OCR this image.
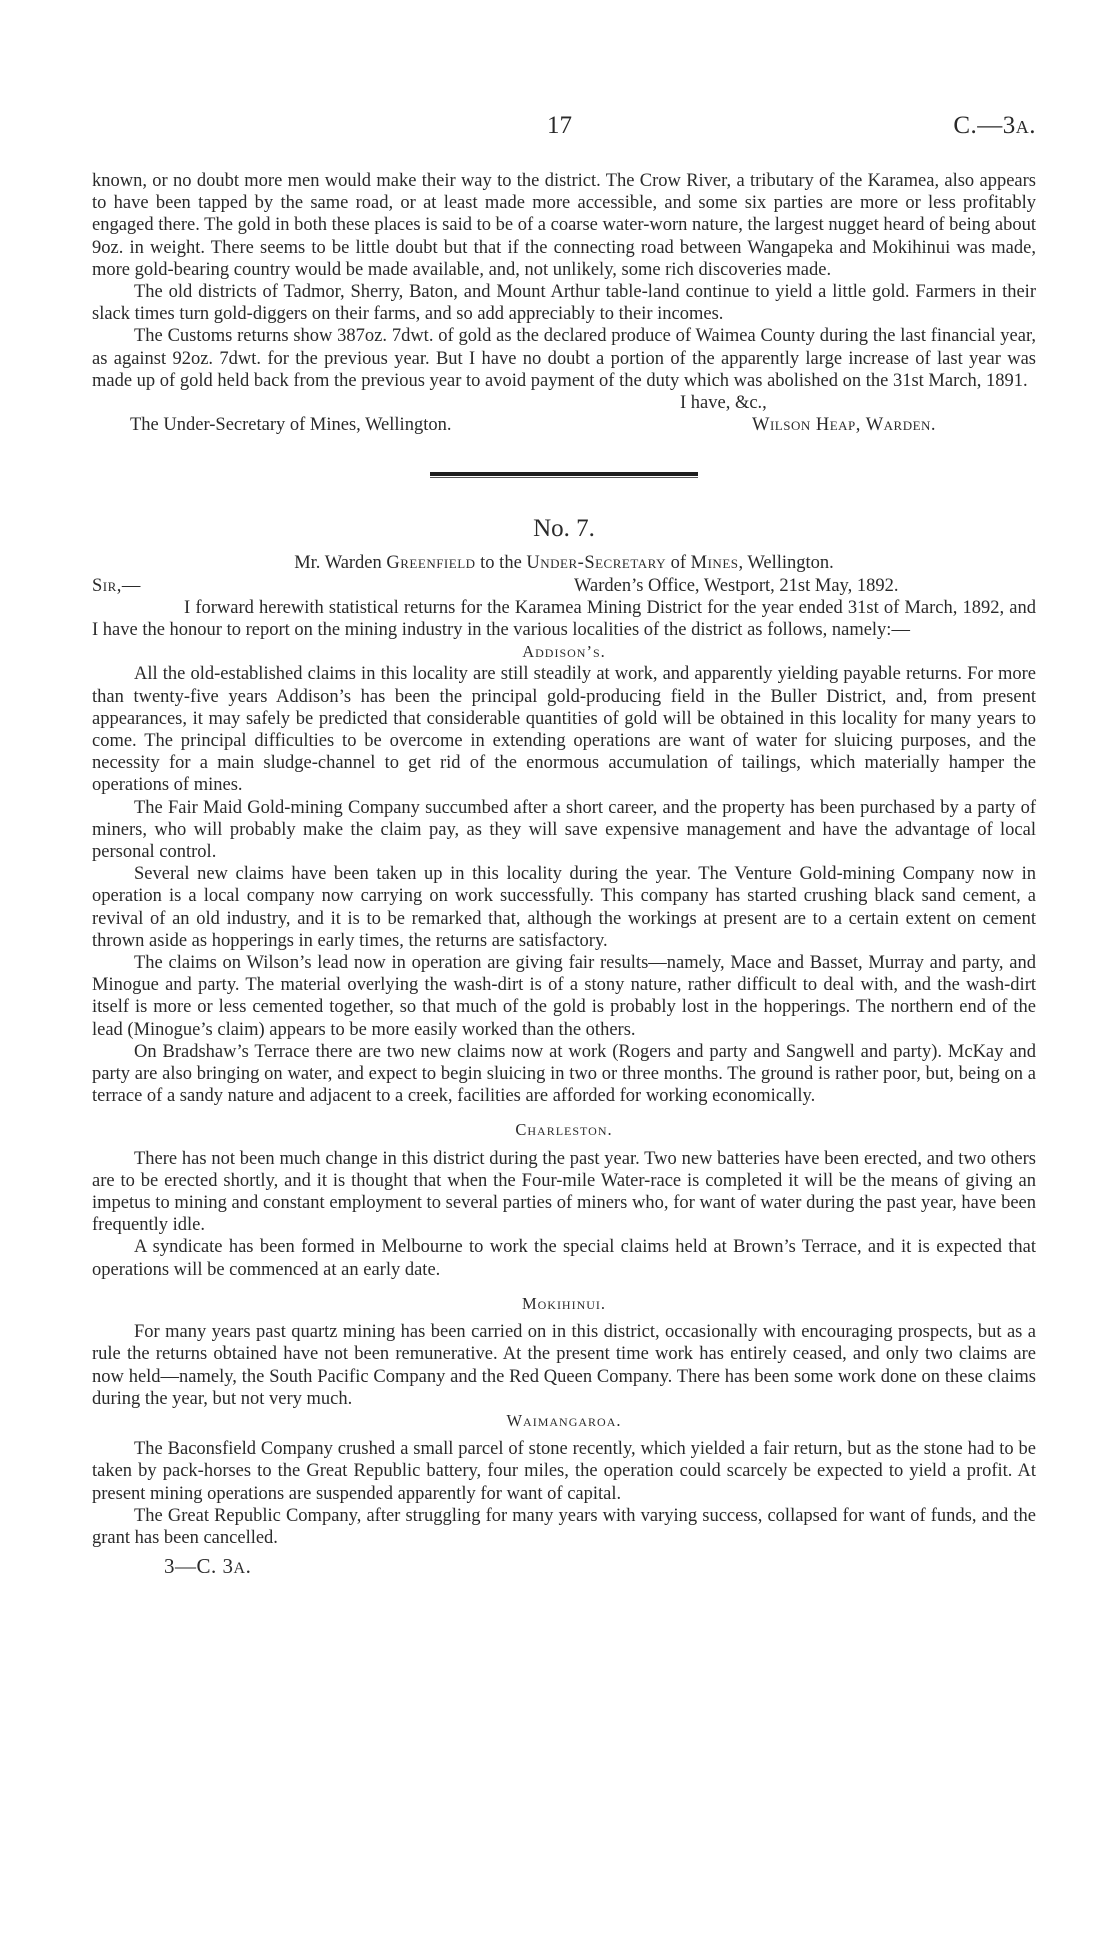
17	C.—3A.

known, or no doubt more men would make their way to the district. The Crow River, a tributary of the Karamea, also appears to have been tapped by the same road, or at least made more accessible, and some six parties are more or less profitably engaged there. The gold in both these places is said to be of a coarse water-worn nature, the largest nugget heard of being about 9oz. in weight. There seems to be little doubt but that if the connecting road between Wangapeka and Mokihinui was made, more gold-bearing country would be made available, and, not unlikely, some rich discoveries made.

The old districts of Tadmor, Sherry, Baton, and Mount Arthur table-land continue to yield a little gold. Farmers in their slack times turn gold-diggers on their farms, and so add appreciably to their incomes.

The Customs returns show 387oz. 7dwt. of gold as the declared produce of Waimea County during the last financial year, as against 92oz. 7dwt. for the previous year. But I have no doubt a portion of the apparently large increase of last year was made up of gold held back from the previous year to avoid payment of the duty which was abolished on the 31st March, 1891.

I have, &c.,
The Under-Secretary of Mines, Wellington.	Wilson Heap, Warden.
No. 7.
Mr. Warden Greenfield to the Under-Secretary of Mines, Wellington.
Sir,—	Warden’s Office, Westport, 21st May, 1892.

I forward herewith statistical returns for the Karamea Mining District for the year ended 31st of March, 1892, and I have the honour to report on the mining industry in the various localities of the district as follows, namely:—

Addison’s.

All the old-established claims in this locality are still steadily at work, and apparently yielding payable returns. For more than twenty-five years Addison’s has been the principal gold-producing field in the Buller District, and, from present appearances, it may safely be predicted that considerable quantities of gold will be obtained in this locality for many years to come. The principal difficulties to be overcome in extending operations are want of water for sluicing purposes, and the necessity for a main sludge-channel to get rid of the enormous accumulation of tailings, which materially hamper the operations of mines.

The Fair Maid Gold-mining Company succumbed after a short career, and the property has been purchased by a party of miners, who will probably make the claim pay, as they will save expensive management and have the advantage of local personal control.

Several new claims have been taken up in this locality during the year. The Venture Gold-mining Company now in operation is a local company now carrying on work successfully. This company has started crushing black sand cement, a revival of an old industry, and it is to be remarked that, although the workings at present are to a certain extent on cement thrown aside as hopperings in early times, the returns are satisfactory.

The claims on Wilson’s lead now in operation are giving fair results—namely, Mace and Basset, Murray and party, and Minogue and party. The material overlying the wash-dirt is of a stony nature, rather difficult to deal with, and the wash-dirt itself is more or less cemented together, so that much of the gold is probably lost in the hopperings. The northern end of the lead (Minogue’s claim) appears to be more easily worked than the others.

On Bradshaw’s Terrace there are two new claims now at work (Rogers and party and Sangwell and party). McKay and party are also bringing on water, and expect to begin sluicing in two or three months. The ground is rather poor, but, being on a terrace of a sandy nature and adjacent to a creek, facilities are afforded for working economically.

Charleston.

There has not been much change in this district during the past year. Two new batteries have been erected, and two others are to be erected shortly, and it is thought that when the Four-mile Water-race is completed it will be the means of giving an impetus to mining and constant employment to several parties of miners who, for want of water during the past year, have been frequently idle.

A syndicate has been formed in Melbourne to work the special claims held at Brown’s Terrace, and it is expected that operations will be commenced at an early date.

Mokihinui.

For many years past quartz mining has been carried on in this district, occasionally with encouraging prospects, but as a rule the returns obtained have not been remunerative. At the present time work has entirely ceased, and only two claims are now held—namely, the South Pacific Company and the Red Queen Company. There has been some work done on these claims during the year, but not very much.

Waimangaroa.

The Baconsfield Company crushed a small parcel of stone recently, which yielded a fair return, but as the stone had to be taken by pack-horses to the Great Republic battery, four miles, the operation could scarcely be expected to yield a profit. At present mining operations are suspended apparently for want of capital.

The Great Republic Company, after struggling for many years with varying success, collapsed for want of funds, and the grant has been cancelled.

3—C. 3A.
